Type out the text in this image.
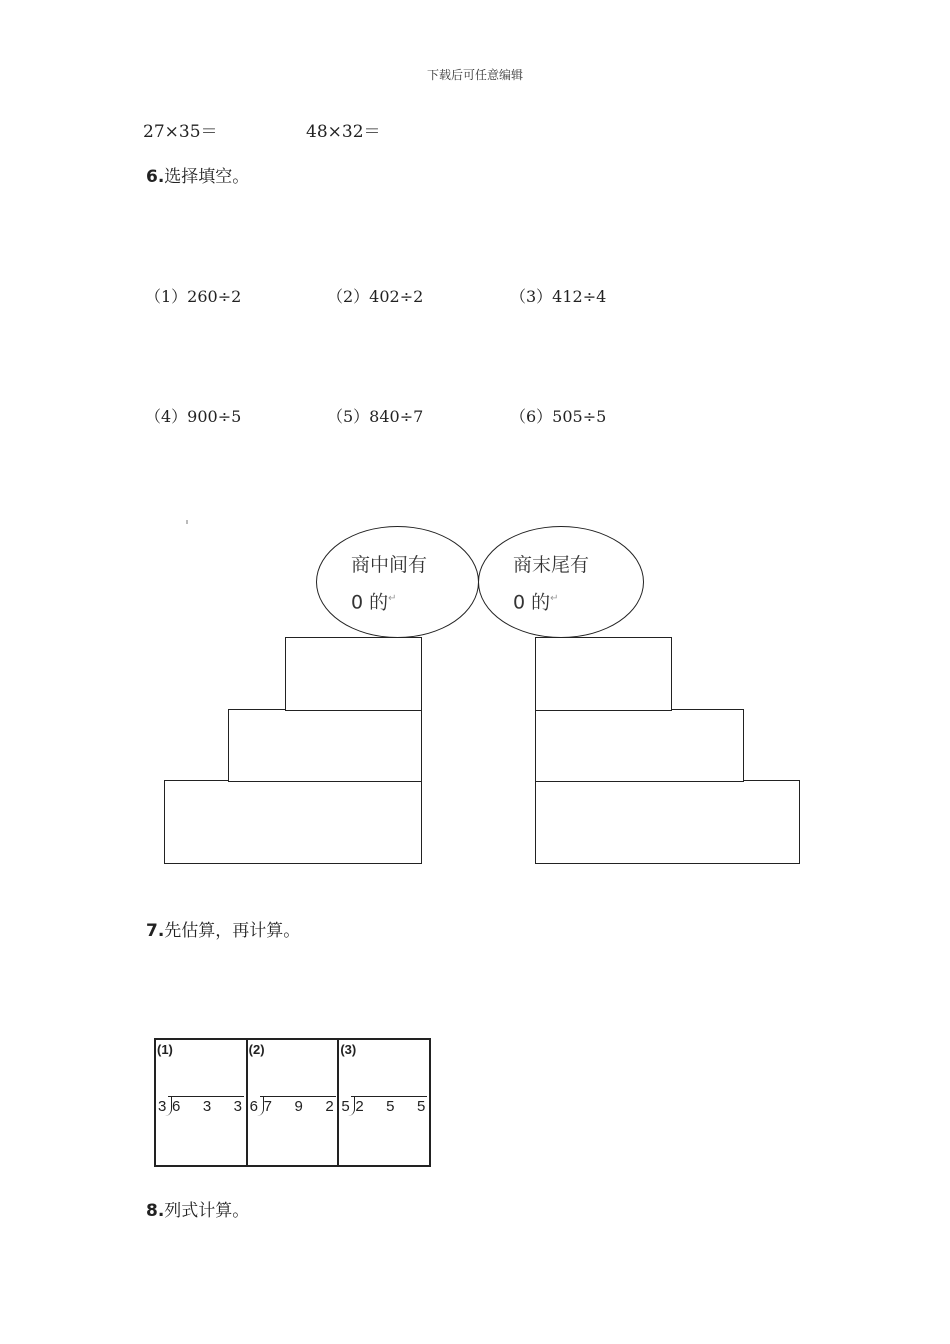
下载后可任意编辑
27×35＝	48×32＝
6.选择填空。
（1）260÷2	（2）402÷2	（3）412÷4
（4）900÷5	（5）840÷7	（6）505÷5
商中间有
0 的↵
商末尾有
0 的↵
7.先估算，再计算。
(1)
3 6 3 3
(2)
6 7 9 2
(3)
5 2 5 5
8.列式计算。
